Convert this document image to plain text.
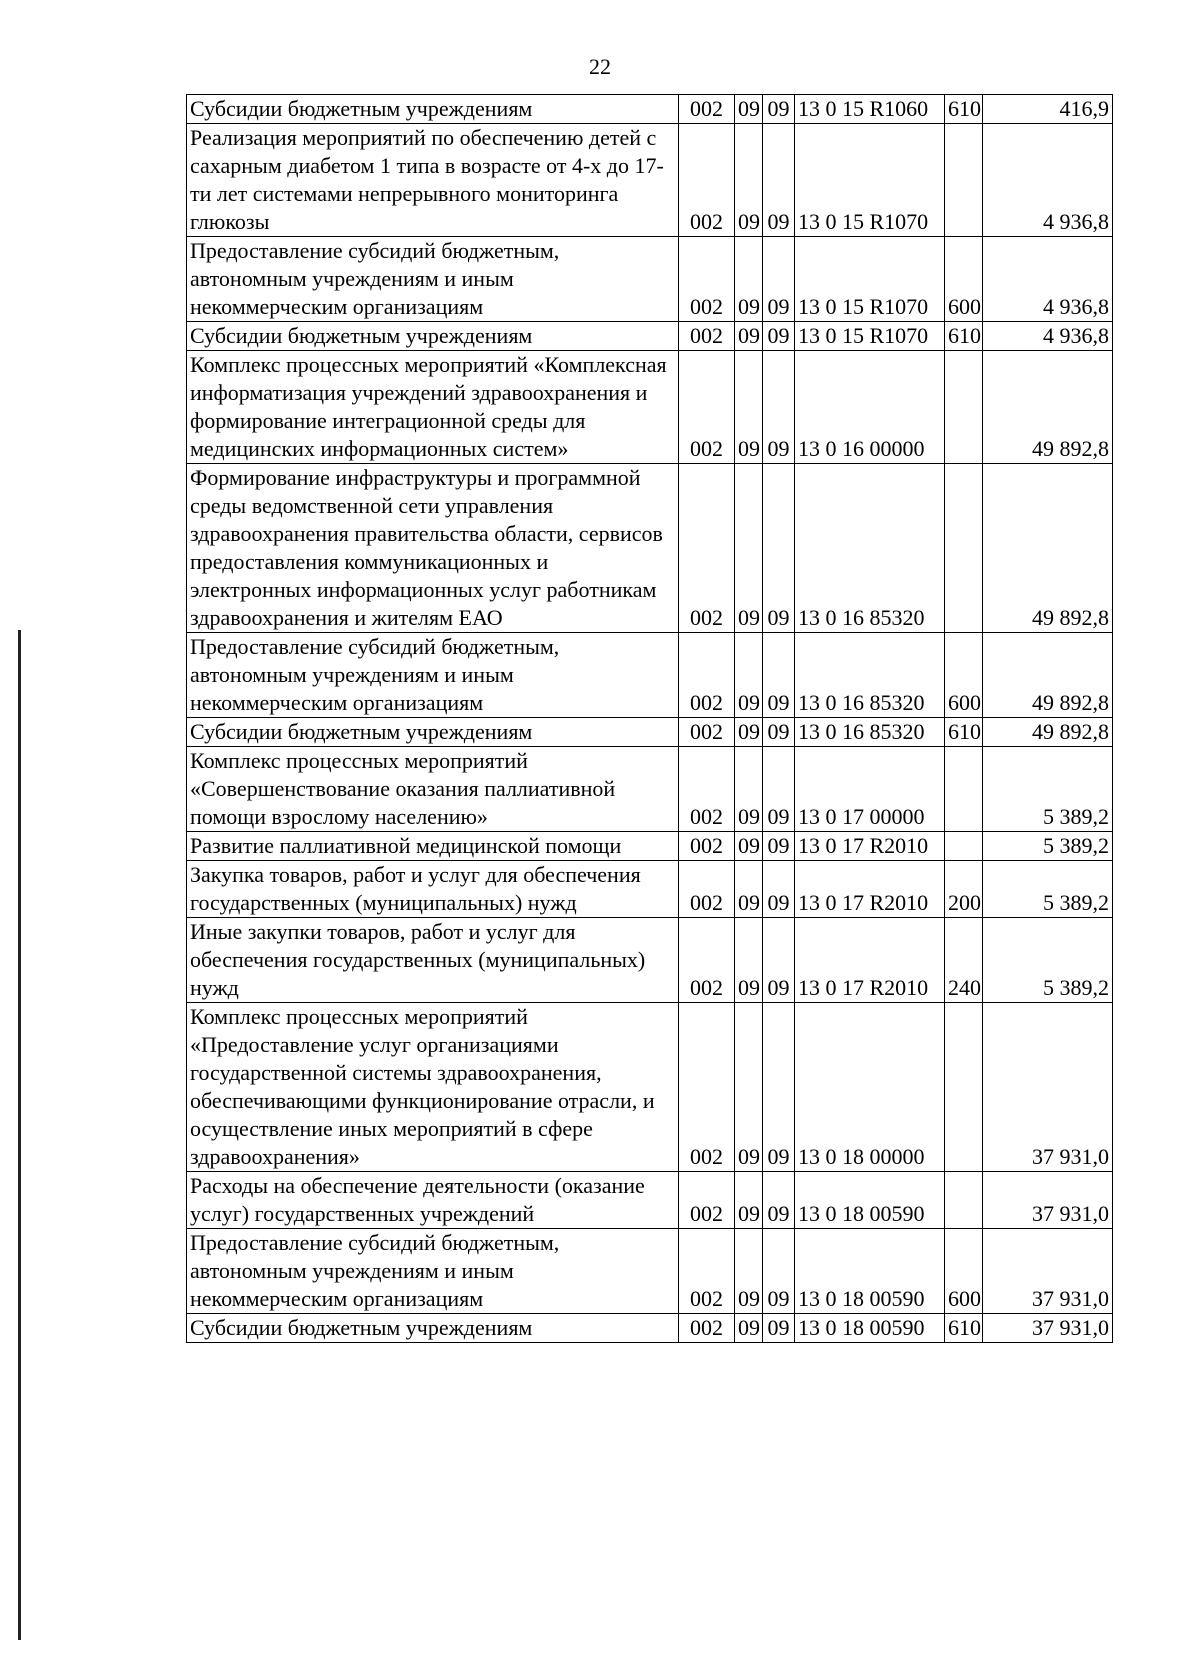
22
Субсидии бюджетным учреждениям	002	09	09	13 0 15 R1060	610	416,9
Реализация мероприятий по обеспечению детей с сахарным диабетом 1 типа в возрасте от 4-х до 17-ти лет системами непрерывного мониторинга глюкозы	002	09	09	13 0 15 R1070		4 936,8
Предоставление субсидий бюджетным, автономным учреждениям и иным некоммерческим организациям	002	09	09	13 0 15 R1070	600	4 936,8
Субсидии бюджетным учреждениям	002	09	09	13 0 15 R1070	610	4 936,8
Комплекс процессных мероприятий «Комплексная информатизация учреждений здравоохранения и формирование интеграционной среды для медицинских информационных систем»	002	09	09	13 0 16 00000		49 892,8
Формирование инфраструктуры и программной среды ведомственной сети управления здравоохранения правительства области, сервисов предоставления коммуникационных и электронных информационных услуг работникам здравоохранения и жителям ЕАО	002	09	09	13 0 16 85320		49 892,8
Предоставление субсидий бюджетным, автономным учреждениям и иным некоммерческим организациям	002	09	09	13 0 16 85320	600	49 892,8
Субсидии бюджетным учреждениям	002	09	09	13 0 16 85320	610	49 892,8
Комплекс процессных мероприятий «Совершенствование оказания паллиативной помощи взрослому населению»	002	09	09	13 0 17 00000		5 389,2
Развитие паллиативной медицинской помощи	002	09	09	13 0 17 R2010		5 389,2
Закупка товаров, работ и услуг для обеспечения государственных (муниципальных) нужд	002	09	09	13 0 17 R2010	200	5 389,2
Иные закупки товаров, работ и услуг для обеспечения государственных (муниципальных) нужд	002	09	09	13 0 17 R2010	240	5 389,2
Комплекс процессных мероприятий «Предоставление услуг организациями государственной системы здравоохранения, обеспечивающими функционирование отрасли, и осуществление иных мероприятий в сфере здравоохранения»	002	09	09	13 0 18 00000		37 931,0
Расходы на обеспечение деятельности (оказание услуг) государственных учреждений	002	09	09	13 0 18 00590		37 931,0
Предоставление субсидий бюджетным, автономным учреждениям и иным некоммерческим организациям	002	09	09	13 0 18 00590	600	37 931,0
Субсидии бюджетным учреждениям	002	09	09	13 0 18 00590	610	37 931,0
